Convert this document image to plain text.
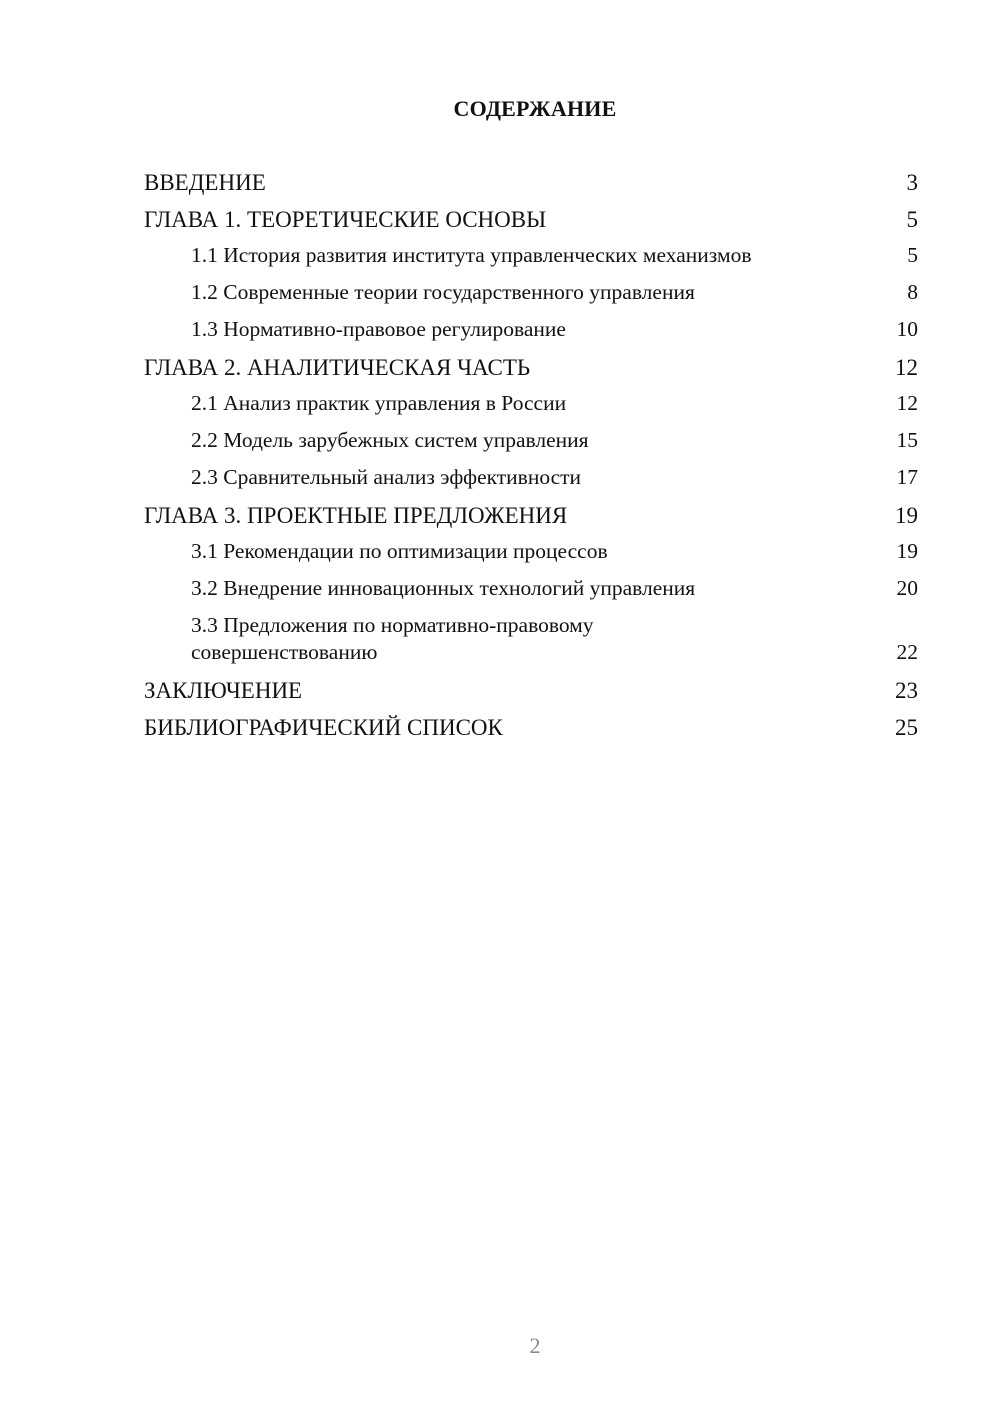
СОДЕРЖАНИЕ
ВВЕДЕНИЕ	3
ГЛАВА 1. ТЕОРЕТИЧЕСКИЕ ОСНОВЫ	5
1.1 История развития института управленческих механизмов	5
1.2 Современные теории государственного управления	8
1.3 Нормативно-правовое регулирование	10
ГЛАВА 2. АНАЛИТИЧЕСКАЯ ЧАСТЬ	12
2.1 Анализ практик управления в России	12
2.2 Модель зарубежных систем управления	15
2.3 Сравнительный анализ эффективности	17
ГЛАВА 3. ПРОЕКТНЫЕ ПРЕДЛОЖЕНИЯ	19
3.1 Рекомендации по оптимизации процессов	19
3.2 Внедрение инновационных технологий управления	20
3.3 Предложения по нормативно-правовому совершенствованию	22
ЗАКЛЮЧЕНИЕ	23
БИБЛИОГРАФИЧЕСКИЙ СПИСОК	25
2
